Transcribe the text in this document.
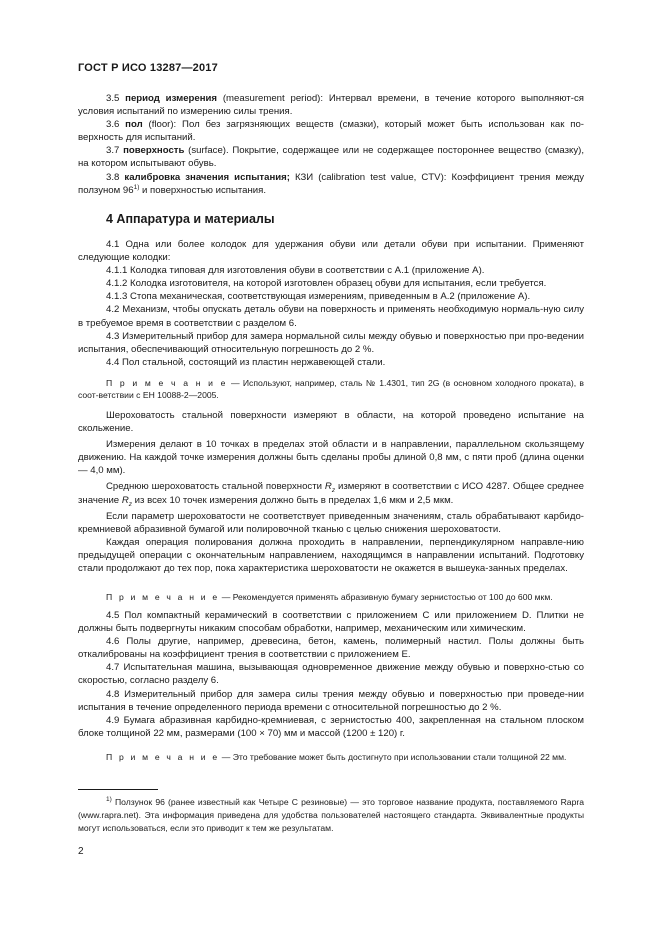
ГОСТ Р ИСО 13287—2017

3.5 период измерения (measurement period): Интервал времени, в течение которого выполняют-ся условия испытаний по измерению силы трения.

3.6 пол (floor): Пол без загрязняющих веществ (смазки), который может быть использован как по-верхность для испытаний.

3.7 поверхность (surface). Покрытие, содержащее или не содержащее постороннее вещество (смазку), на котором испытывают обувь.

3.8 калибровка значения испытания; КЗИ (calibration test value, CTV): Коэффициент трения между ползуном 96$^{1)}$ и поверхностью испытания.

4 Аппаратура и материалы

4.1 Одна или более колодок для удержания обуви или детали обуви при испытании. Применяют следующие колодки:

4.1.1 Колодка типовая для изготовления обуви в соответствии с А.1 (приложение А).

4.1.2 Колодка изготовителя, на которой изготовлен образец обуви для испытания, если требуется.

4.1.3 Стопа механическая, соответствующая измерениям, приведенным в А.2 (приложение А).

4.2 Механизм, чтобы опускать деталь обуви на поверхность и применять необходимую нормаль-ную силу в требуемое время в соответствии с разделом 6.

4.3 Измерительный прибор для замера нормальной силы между обувью и поверхностью при про-ведении испытания, обеспечивающий относительную погрешность до 2 %.

4.4 Пол стальной, состоящий из пластин нержавеющей стали.

П р и м е ч а н и е — Используют, например, сталь № 1.4301, тип 2G (в основном холодного проката), в соот-ветствии с ЕН 10088-2—2005.

Шероховатость стальной поверхности измеряют в области, на которой проведено испытание на скольжение.

Измерения делают в 10 точках в пределах этой области и в направлении, параллельном скользящему движению. На каждой точке измерения должны быть сделаны пробы длиной 0,8 мм, с пяти проб (длина оценки — 4,0 мм).

Среднюю шероховатость стальной поверхности $R_z$ измеряют в соответствии с ИСО 4287. Общее среднее значение $R_z$ из всех 10 точек измерения должно быть в пределах 1,6 мкм и 2,5 мкм.

Если параметр шероховатости не соответствует приведенным значениям, сталь обрабатывают карбидо-кремниевой абразивной бумагой или полировочной тканью с целью снижения шероховатости.

Каждая операция полирования должна проходить в направлении, перпендикулярном направле-нию предыдущей операции с окончательным направлением, находящимся в направлении испытаний. Подготовку стали продолжают до тех пор, пока характеристика шероховатости не окажется в вышеука-занных пределах.

П р и м е ч а н и е — Рекомендуется применять абразивную бумагу зернистостью от 100 до 600 мкм.

4.5 Пол компактный керамический в соответствии с приложением C или приложением D. Плитки не должны быть подвергнуты никаким способам обработки, например, механическим или химическим.

4.6 Полы другие, например, древесина, бетон, камень, полимерный настил. Полы должны быть откалиброваны на коэффициент трения в соответствии с приложением Е.

4.7 Испытательная машина, вызывающая одновременное движение между обувью и поверхно-стью со скоростью, согласно разделу 6.

4.8 Измерительный прибор для замера силы трения между обувью и поверхностью при проведе-нии испытания в течение определенного периода времени с относительной погрешностью до 2 %.

4.9 Бумага абразивная карбидно-кремниевая, с зернистостью 400, закрепленная на стальном плоском блоке толщиной 22 мм, размерами (100 × 70) мм и массой (1200 ± 120) г.

П р и м е ч а н и е — Это требование может быть достигнуто при использовании стали толщиной 22 мм.

$^{1)}$ Ползунок 96 (ранее известный как Четыре С резиновые) — это торговое название продукта, поставляемого Rapra (www.rapra.net). Эта информация приведена для удобства пользователей настоящего стандарта. Эквивалентные продукты могут использоваться, если это приводит к тем же результатам.

2
